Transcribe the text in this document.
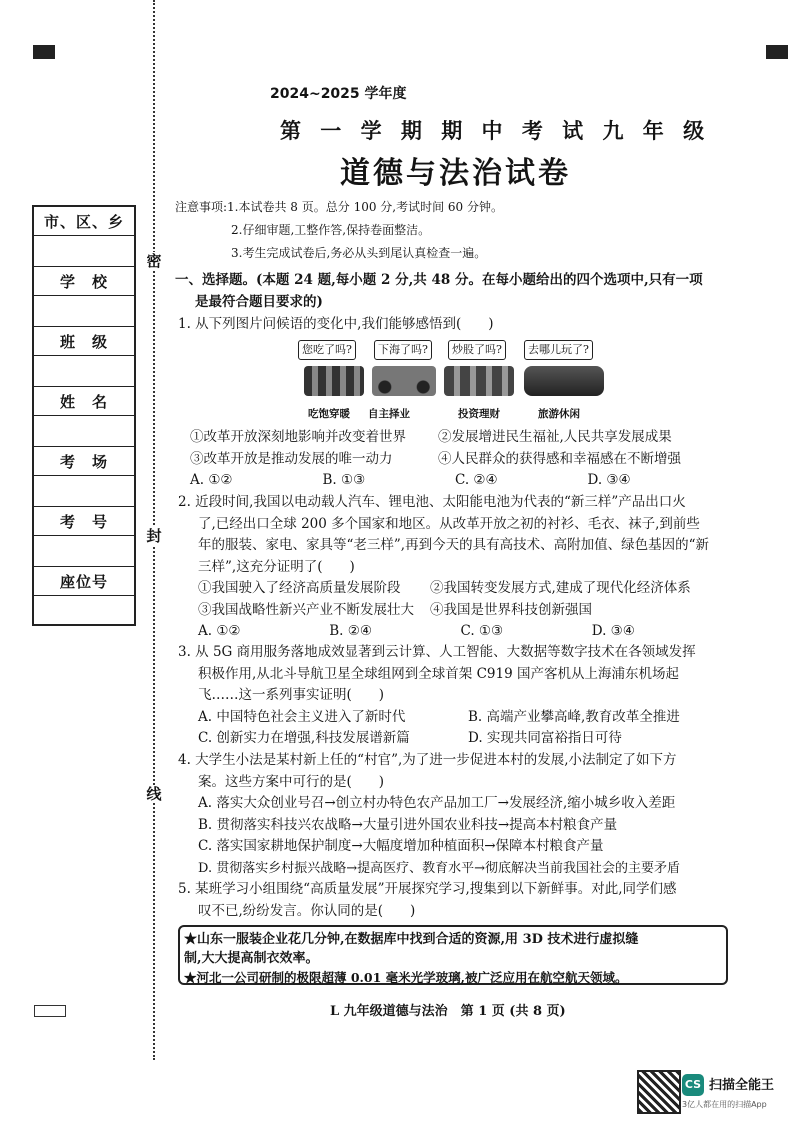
密
封
线
市、区、乡

学　校

班　级

姓　名

考　场

考　号

座位号

2024~2025 学年度
第 一 学 期 期 中 考 试 九 年 级
道德与法治试卷
注意事项:1.本试卷共 8 页。总分 100 分,考试时间 60 分钟。
2.仔细审题,工整作答,保持卷面整洁。
3.考生完成试卷后,务必从头到尾认真检查一遍。
一、选择题。(本题 24 题,每小题 2 分,共 48 分。在每小题给出的四个选项中,只有一项
是最符合题目要求的)
1. 从下列图片问候语的变化中,我们能够感悟到(　　)
您吃了吗?	下海了吗?	炒股了吗?	去哪儿玩了?
吃饱穿暖 自主择业	投资理财	旅游休闲
①改革开放深刻地影响并改变着世界	②发展增进民生福祉,人民共享发展成果
③改革开放是推动发展的唯一动力	④人民群众的获得感和幸福感在不断增强
A. ①②	B. ①③	C. ②④	D. ③④
2. 近段时间,我国以电动载人汽车、锂电池、太阳能电池为代表的“新三样”产品出口火
了,已经出口全球 200 多个国家和地区。从改革开放之初的衬衫、毛衣、袜子,到前些
年的服装、家电、家具等“老三样”,再到今天的具有高技术、高附加值、绿色基因的“新
三样”,这充分证明了(　　)
①我国驶入了经济高质量发展阶段	②我国转变发展方式,建成了现代化经济体系
③我国战略性新兴产业不断发展壮大	④我国是世界科技创新强国
A. ①②	B. ②④	C. ①③	D. ③④
3. 从 5G 商用服务落地成效显著到云计算、人工智能、大数据等数字技术在各领域发挥
积极作用,从北斗导航卫星全球组网到全球首架 C919 国产客机从上海浦东机场起
飞……这一系列事实证明(　　)
A. 中国特色社会主义进入了新时代	B. 高端产业攀高峰,教育改革全推进
C. 创新实力在增强,科技发展谱新篇	D. 实现共同富裕指日可待
4. 大学生小法是某村新上任的“村官”,为了进一步促进本村的发展,小法制定了如下方
案。这些方案中可行的是(　　)
A. 落实大众创业号召→创立村办特色农产品加工厂→发展经济,缩小城乡收入差距
B. 贯彻落实科技兴农战略→大量引进外国农业科技→提高本村粮食产量
C. 落实国家耕地保护制度→大幅度增加种植面积→保障本村粮食产量
D. 贯彻落实乡村振兴战略→提高医疗、教育水平→彻底解决当前我国社会的主要矛盾
5. 某班学习小组围绕“高质量发展”开展探究学习,搜集到以下新鲜事。对此,同学们感
叹不已,纷纷发言。你认同的是(　　)
★山东一服装企业花几分钟,在数据库中找到合适的资源,用 3D 技术进行虚拟缝
制,大大提高制衣效率。
★河北一公司研制的极限超薄 0.01 毫米光学玻璃,被广泛应用在航空航天领域。
L 九年级道德与法治　第 1 页 (共 8 页)
CS 扫描全能王
3亿人都在用的扫描App
